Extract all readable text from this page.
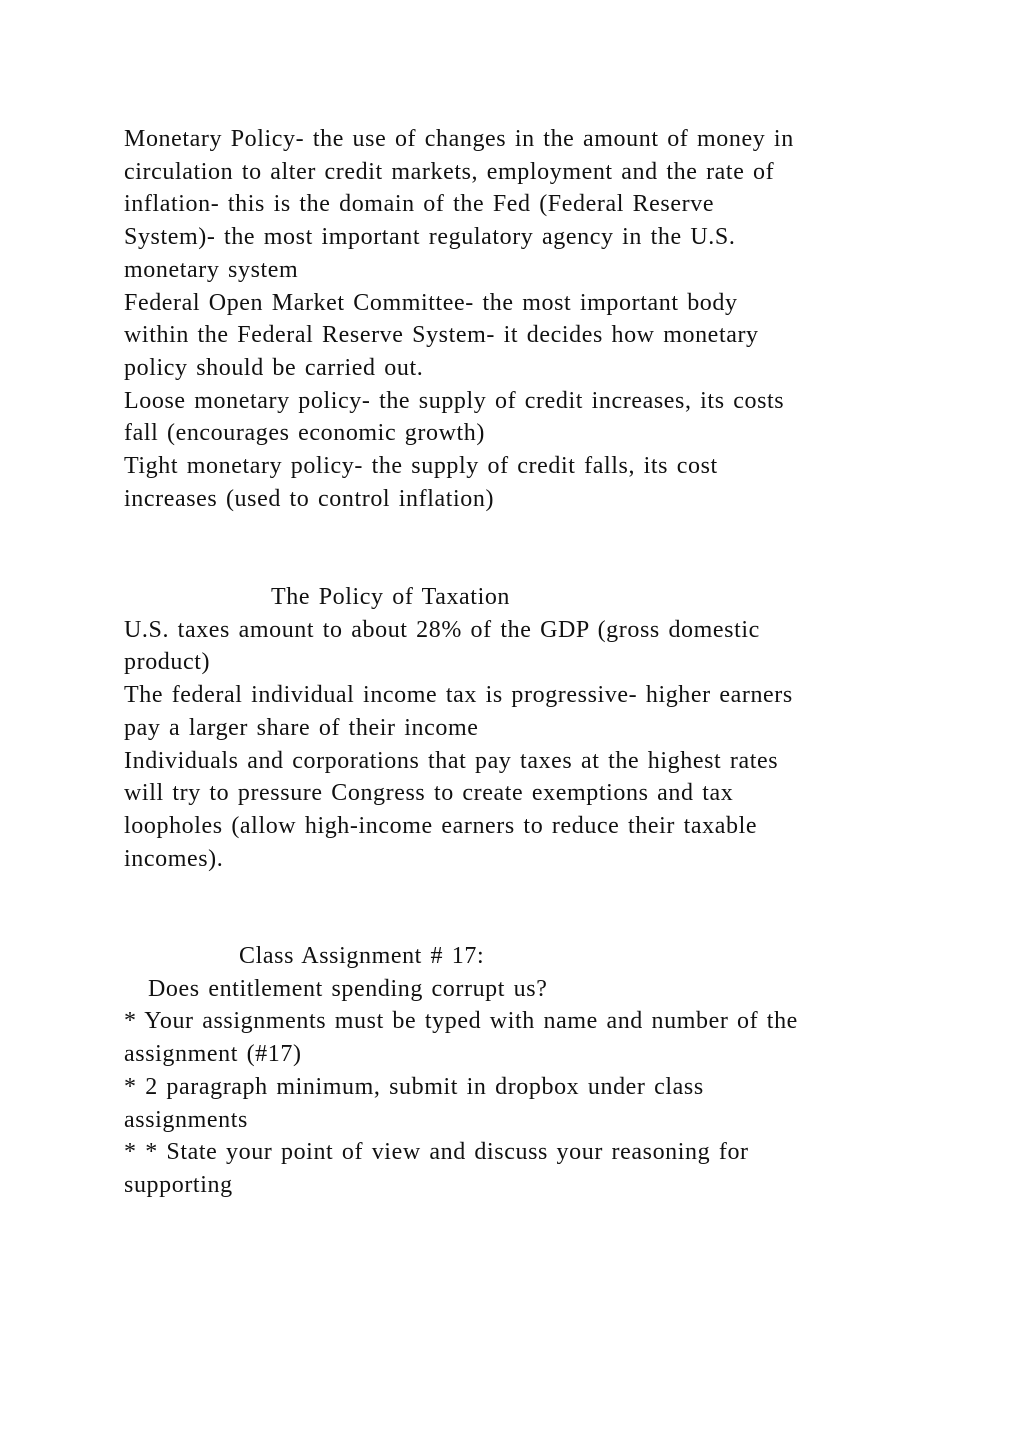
Monetary Policy- the use of changes in the amount of money in
circulation to alter credit markets, employment and the rate of
inflation- this is the domain of the Fed (Federal Reserve
System)- the most important regulatory agency in the U.S.
monetary system
Federal Open Market Committee- the most important body
within the Federal Reserve System- it decides how monetary
policy should be carried out.
Loose monetary policy- the supply of credit increases, its costs
fall (encourages economic growth)
Tight monetary policy- the supply of credit falls, its cost
increases (used to control inflation)
The Policy of Taxation
U.S. taxes amount to about 28% of the GDP (gross domestic
product)
The federal individual income tax is progressive- higher earners
pay a larger share of their income
Individuals and corporations that pay taxes at the highest rates
will try to pressure Congress to create exemptions and tax
loopholes (allow high-income earners to reduce their taxable
incomes).
Class Assignment # 17:
Does entitlement spending corrupt us?
* Your assignments must be typed with name and number of the
assignment (#17)
* 2 paragraph minimum, submit in dropbox under class
assignments
* * State your point of view and discuss your reasoning for
supporting
